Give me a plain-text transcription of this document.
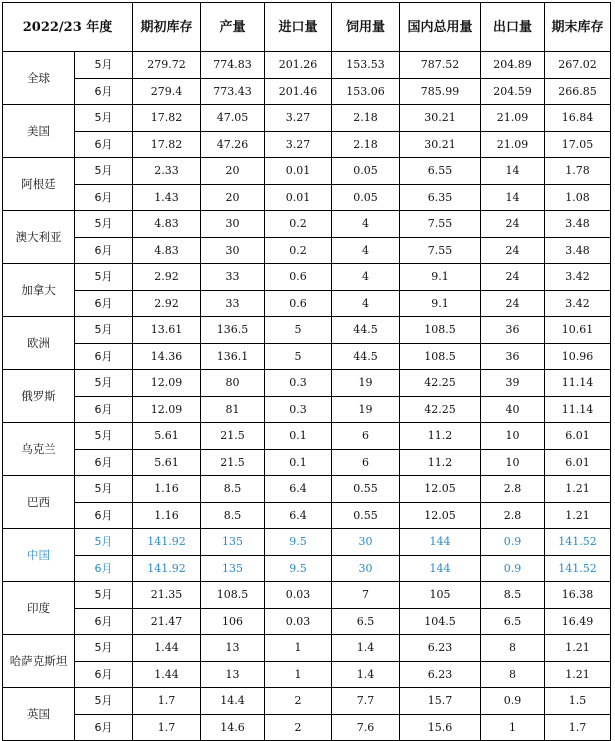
2022/23 年度		期初库存	产量	进口量	饲用量	国内总用量	出口量	期末库存
全球	5月	279.72	774.83	201.26	153.53	787.52	204.89	267.02
	6月	279.4	773.43	201.46	153.06	785.99	204.59	266.85
美国	5月	17.82	47.05	3.27	2.18	30.21	21.09	16.84
	6月	17.82	47.26	3.27	2.18	30.21	21.09	17.05
阿根廷	5月	2.33	20	0.01	0.05	6.55	14	1.78
	6月	1.43	20	0.01	0.05	6.35	14	1.08
澳大利亚	5月	4.83	30	0.2	4	7.55	24	3.48
	6月	4.83	30	0.2	4	7.55	24	3.48
加拿大	5月	2.92	33	0.6	4	9.1	24	3.42
	6月	2.92	33	0.6	4	9.1	24	3.42
欧洲	5月	13.61	136.5	5	44.5	108.5	36	10.61
	6月	14.36	136.1	5	44.5	108.5	36	10.96
俄罗斯	5月	12.09	80	0.3	19	42.25	39	11.14
	6月	12.09	81	0.3	19	42.25	40	11.14
乌克兰	5月	5.61	21.5	0.1	6	11.2	10	6.01
	6月	5.61	21.5	0.1	6	11.2	10	6.01
巴西	5月	1.16	8.5	6.4	0.55	12.05	2.8	1.21
	6月	1.16	8.5	6.4	0.55	12.05	2.8	1.21
中国	5月	141.92	135	9.5	30	144	0.9	141.52
	6月	141.92	135	9.5	30	144	0.9	141.52
印度	5月	21.35	108.5	0.03	7	105	8.5	16.38
	6月	21.47	106	0.03	6.5	104.5	6.5	16.49
哈萨克斯坦	5月	1.44	13	1	1.4	6.23	8	1.21
	6月	1.44	13	1	1.4	6.23	8	1.21
英国	5月	1.7	14.4	2	7.7	15.7	0.9	1.5
	6月	1.7	14.6	2	7.6	15.6	1	1.7
